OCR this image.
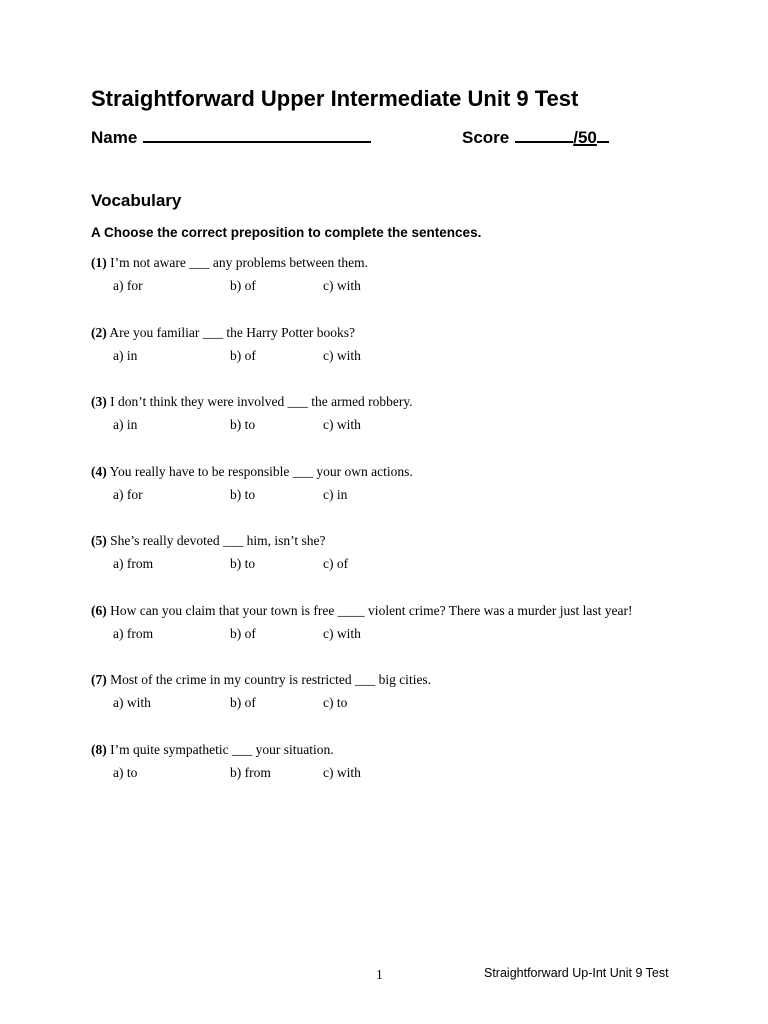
Straightforward Upper Intermediate Unit 9 Test
Name	Score	/50
Vocabulary
A Choose the correct preposition to complete the sentences.
(1) I’m not aware ___ any problems between them.
a) for	b) of	c) with
(2) Are you familiar ___ the Harry Potter books?
a) in	b) of	c) with
(3) I don’t think they were involved ___ the armed robbery.
a) in	b) to	c) with
(4) You really have to be responsible ___ your own actions.
a) for	b) to	c) in
(5) She’s really devoted ___ him, isn’t she?
a) from	b) to	c) of
(6) How can you claim that your town is free ____ violent crime? There was a murder just last year!
a) from	b) of	c) with
(7) Most of the crime in my country is restricted ___ big cities.
a) with	b) of	c) to
(8) I’m quite sympathetic ___ your situation.
a) to	b) from	c) with
1	Straightforward Up-Int Unit 9 Test
